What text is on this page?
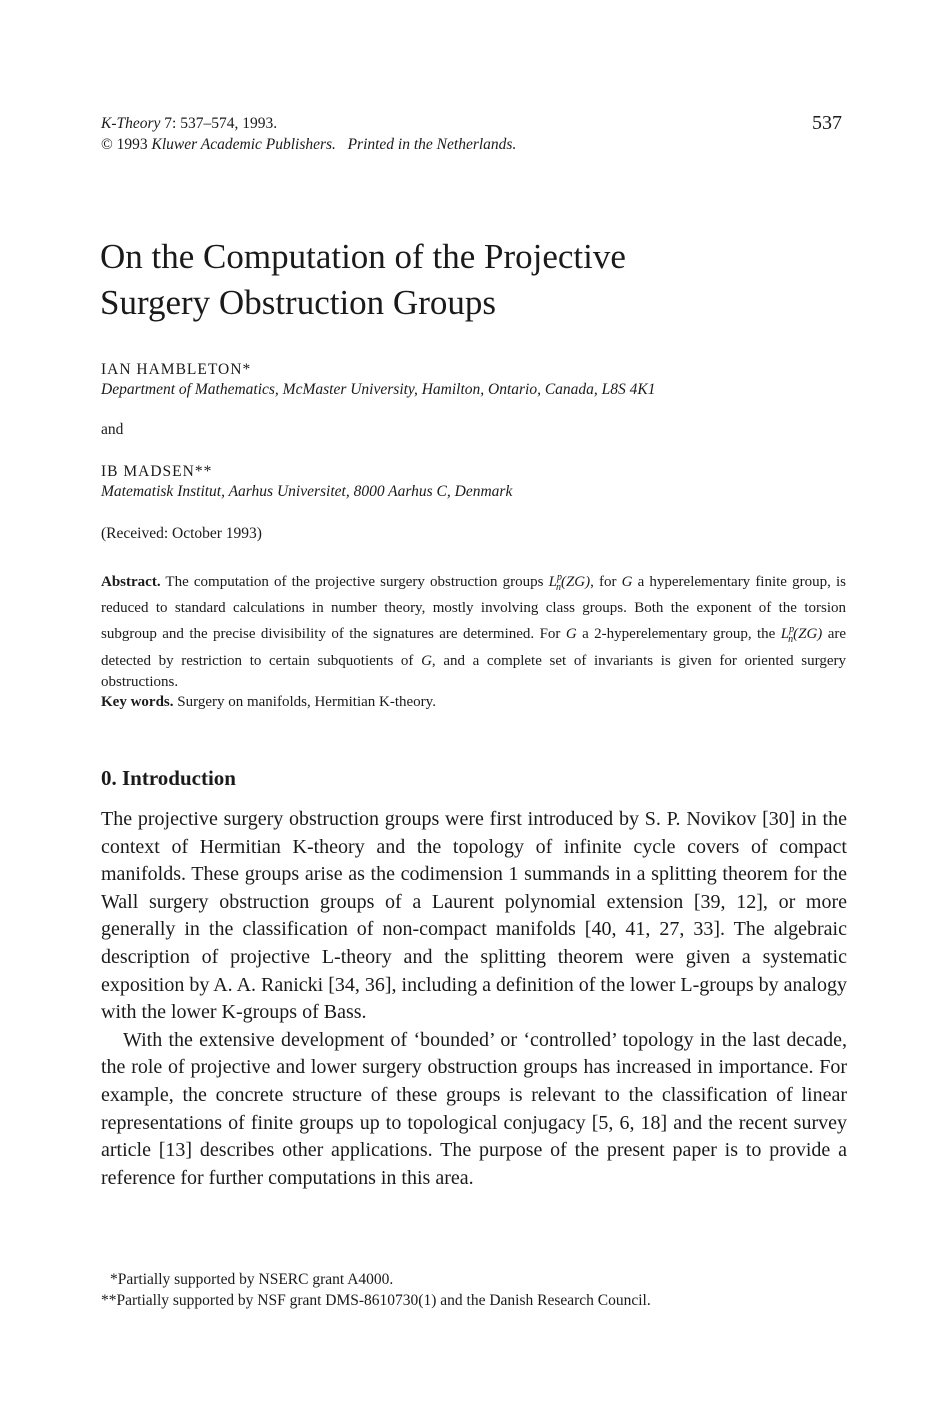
K-Theory 7: 537–574, 1993.
© 1993 Kluwer Academic Publishers. Printed in the Netherlands.
537
On the Computation of the Projective
Surgery Obstruction Groups
IAN HAMBLETON*
Department of Mathematics, McMaster University, Hamilton, Ontario, Canada, L8S 4K1
and
IB MADSEN**
Matematisk Institut, Aarhus Universitet, 8000 Aarhus C, Denmark
(Received: October 1993)
Abstract. The computation of the projective surgery obstruction groups $L^p_n(ZG)$, for G a hyperelementary finite group, is reduced to standard calculations in number theory, mostly involving class groups. Both the exponent of the torsion subgroup and the precise divisibility of the signatures are determined. For G a 2-hyperelementary group, the $L^p_n(ZG)$ are detected by restriction to certain subquotients of G, and a complete set of invariants is given for oriented surgery obstructions.
Key words. Surgery on manifolds, Hermitian K-theory.
0. Introduction

The projective surgery obstruction groups were first introduced by S. P. Novikov [30] in the context of Hermitian K-theory and the topology of infinite cycle covers of compact manifolds. These groups arise as the codimension 1 summands in a splitting theorem for the Wall surgery obstruction groups of a Laurent polynomial extension [39, 12], or more generally in the classification of non-compact manifolds [40, 41, 27, 33]. The algebraic description of projective L-theory and the splitting theorem were given a systematic exposition by A. A. Ranicki [34, 36], including a definition of the lower L-groups by analogy with the lower K-groups of Bass.

With the extensive development of ‘bounded’ or ‘controlled’ topology in the last decade, the role of projective and lower surgery obstruction groups has increased in importance. For example, the concrete structure of these groups is relevant to the classification of linear representations of finite groups up to topological conjugacy [5, 6, 18] and the recent survey article [13] describes other applications. The purpose of the present paper is to provide a reference for further computations in this area.

*Partially supported by NSERC grant A4000.
**Partially supported by NSF grant DMS-8610730(1) and the Danish Research Council.
